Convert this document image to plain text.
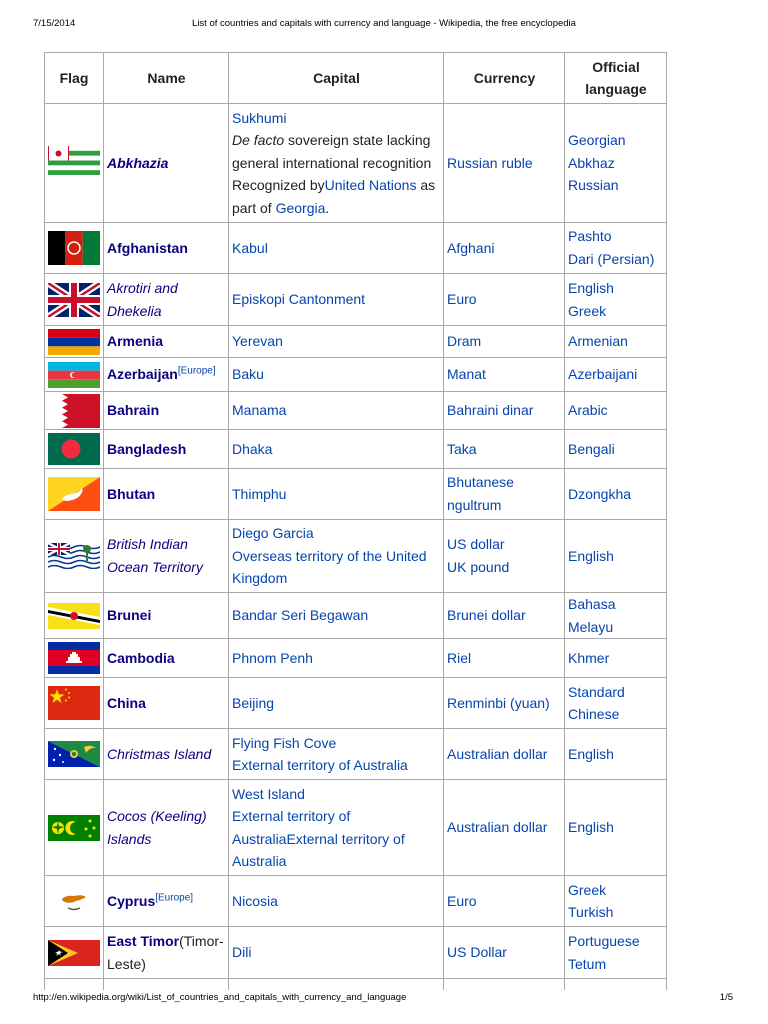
7/15/2014	List of countries and capitals with currency and language - Wikipedia, the free encyclopedia
Flag	Name	Capital	Currency	Official
language

	Abkhazia	Sukhumi
De facto sovereign state lacking general international recognition
Recognized byUnited Nations as part of Georgia.	Russian ruble	Georgian
Abkhaz
Russian

	Afghanistan	Kabul	Afghani	Pashto
Dari (Persian)

	Akrotiri and Dhekelia	Episkopi Cantonment	Euro	English
Greek

	Armenia	Yerevan	Dram	Armenian

	Azerbaijan[Europe]	Baku	Manat	Azerbaijani

	Bahrain	Manama	Bahraini dinar	Arabic

	Bangladesh	Dhaka	Taka	Bengali

	Bhutan	Thimphu	Bhutanese
ngultrum	Dzongkha

	British Indian Ocean Territory	Diego Garcia
Overseas territory of the United Kingdom	US dollar
UK pound	English

	Brunei	Bandar Seri Begawan	Brunei dollar	Bahasa Melayu

	Cambodia	Phnom Penh	Riel	Khmer

	China	Beijing	Renminbi (yuan)	Standard
Chinese

	Christmas Island	Flying Fish Cove
External territory of Australia	Australian dollar	English

	Cocos (Keeling) Islands	West Island
External territory of AustraliaExternal territory of Australia	Australian dollar	English

	Cyprus[Europe]	Nicosia	Euro	Greek
Turkish

	East Timor(Timor-Leste)	Dili	US Dollar	Portuguese
Tetum

http://en.wikipedia.org/wiki/List_of_countries_and_capitals_with_currency_and_language	1/5
